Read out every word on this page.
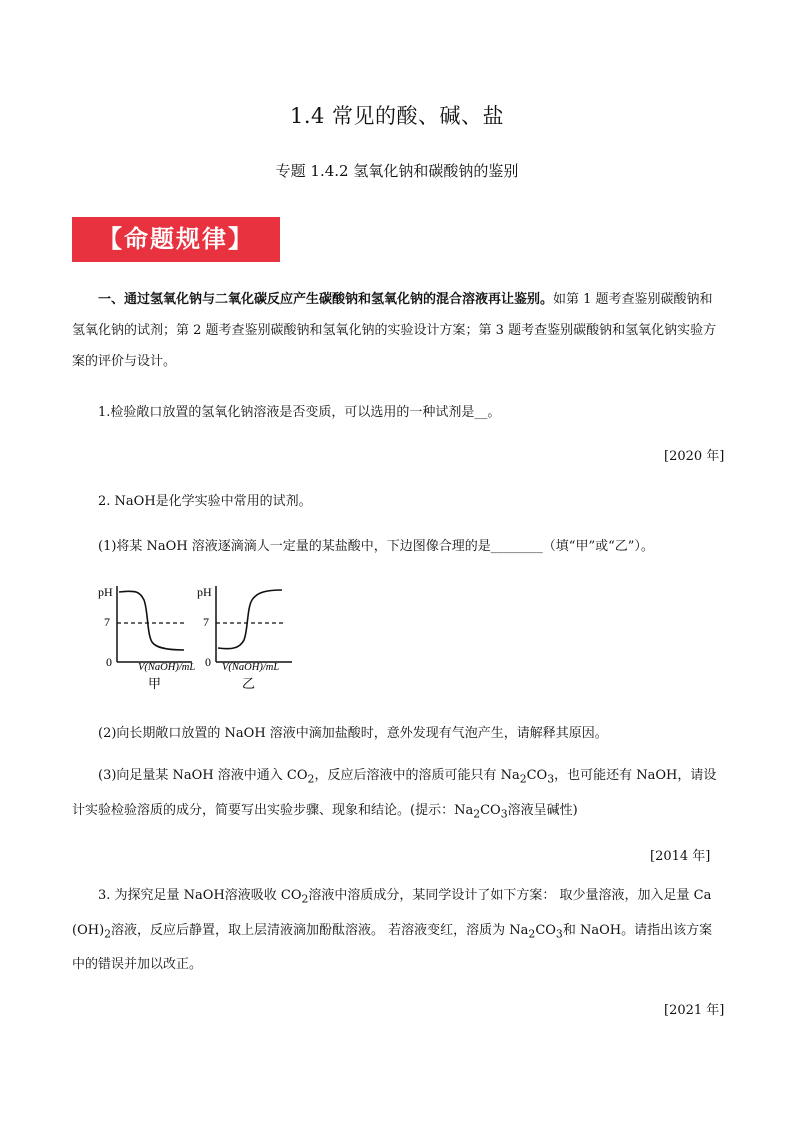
1.4 常见的酸、碱、盐
专题 1.4.2 氢氧化钠和碳酸钠的鉴别
【命题规律】
一、通过氢氧化钠与二氧化碳反应产生碳酸钠和氢氧化钠的混合溶液再让鉴别。如第 1 题考查鉴别碳酸钠和氢氧化钠的试剂；第 2 题考查鉴别碳酸钠和氢氧化钠的实验设计方案；第 3 题考查鉴别碳酸钠和氢氧化钠实验方案的评价与设计。
1.检验敞口放置的氢氧化钠溶液是否变质，可以选用的一种试剂是__。
[2020 年]
2. NaOH是化学实验中常用的试剂。
(1)将某 NaOH 溶液逐滴滴人一定量的某盐酸中，下边图像合理的是________（填“甲”或“乙”）。
pH
7
0 V(NaOH)/mL
甲
pH
7
0 V(NaOH)/mL
乙
(2)向长期敞口放置的 NaOH 溶液中滴加盐酸时，意外发现有气泡产生，请解释其原因。
(3)向足量某 NaOH 溶液中通入 $CO_2$，反应后溶液中的溶质可能只有 $Na_2CO_3$，也可能还有 NaOH，请设计实验检验溶质的成分，简要写出实验步骤、现象和结论。(提示：$Na_2CO_3$溶液呈碱性)
[2014 年]
3. 为探究足量 NaOH溶液吸收 $CO_2$溶液中溶质成分，某同学设计了如下方案： 取少量溶液，加入足量 Ca $(OH)_2$溶液，反应后静置，取上层清液滴加酚酞溶液。 若溶液变红，溶质为 $Na_2CO_3$和 NaOH。请指出该方案中的错误并加以改正。
[2021 年]
